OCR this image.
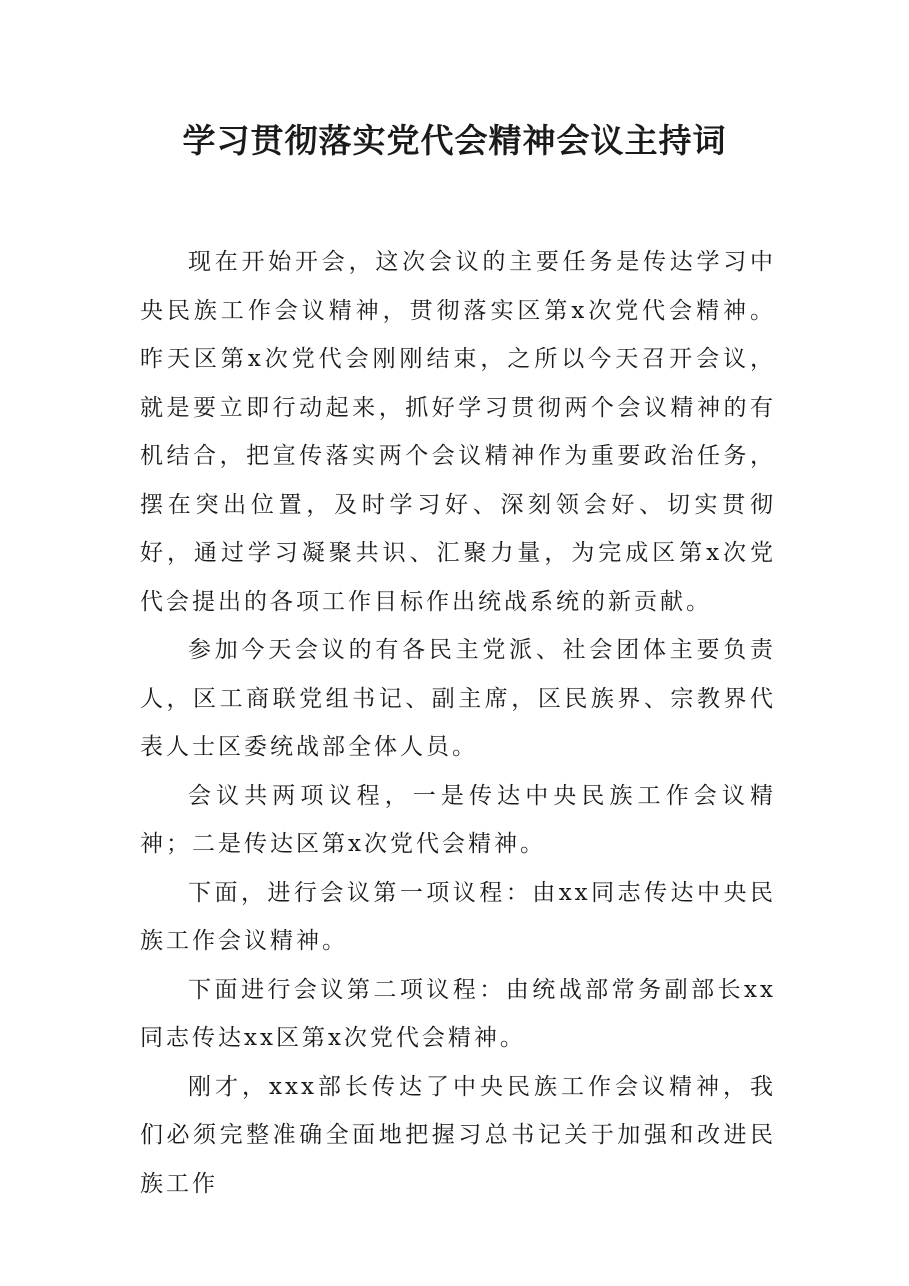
学习贯彻落实党代会精神会议主持词

现在开始开会，这次会议的主要任务是传达学习中央民族工作会议精神，贯彻落实区第x次党代会精神。昨天区第x次党代会刚刚结束，之所以今天召开会议，就是要立即行动起来，抓好学习贯彻两个会议精神的有机结合，把宣传落实两个会议精神作为重要政治任务，摆在突出位置，及时学习好、深刻领会好、切实贯彻好，通过学习凝聚共识、汇聚力量，为完成区第x次党代会提出的各项工作目标作出统战系统的新贡献。

参加今天会议的有各民主党派、社会团体主要负责人，区工商联党组书记、副主席，区民族界、宗教界代表人士区委统战部全体人员。

会议共两项议程，一是传达中央民族工作会议精神；二是传达区第x次党代会精神。

下面，进行会议第一项议程：由xx同志传达中央民族工作会议精神。

下面进行会议第二项议程：由统战部常务副部长xx同志传达xx区第x次党代会精神。

刚才，xxx部长传达了中央民族工作会议精神，我们必须完整准确全面地把握习总书记关于加强和改进民族工作
